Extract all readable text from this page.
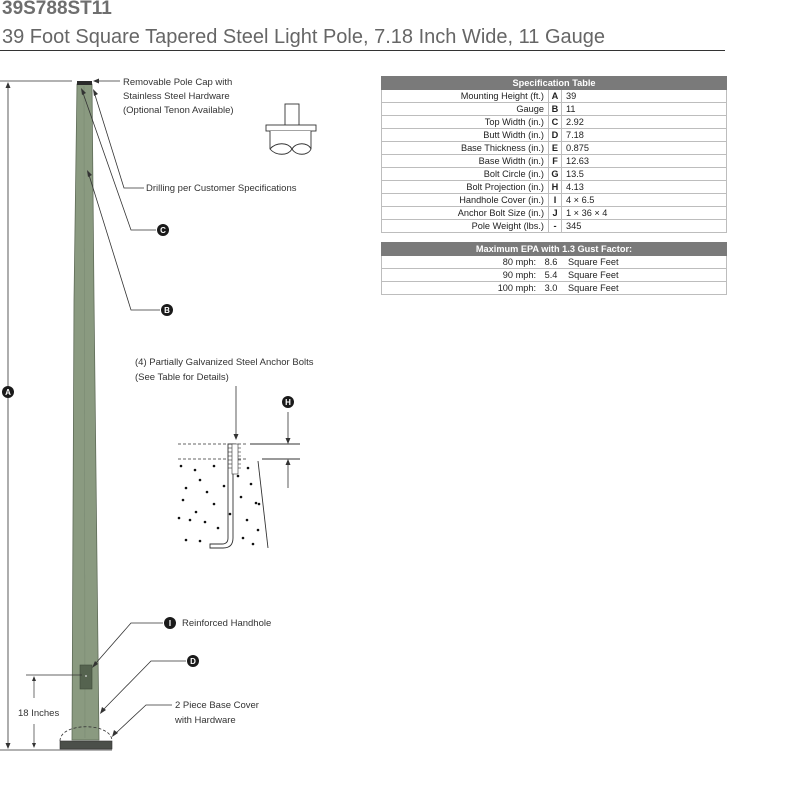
39S788ST11
39 Foot Square Tapered Steel Light Pole, 7.18 Inch Wide, 11 Gauge
18 Inches
Removable Pole Cap with
Stainless Steel Hardware
(Optional Tenon Available)
Drilling per Customer Specifications
C
B
A
(4) Partially Galvanized Steel Anchor Bolts
(See Table for Details)
H
I Reinforced Handhole
D
2 Piece Base Cover
with Hardware
Specification Table		
Mounting Height (ft.)	A	39
Gauge	B	11
Top Width (in.)	C	2.92
Butt Width (in.)	D	7.18
Base Thickness (in.)	E	0.875
Base Width (in.)	F	12.63
Bolt Circle (in.)	G	13.5
Bolt Projection (in.)	H	4.13
Handhole Cover (in.)	I	4 × 6.5
Anchor Bolt Size (in.)	J	1 × 36 × 4
Pole Weight (lbs.)	-	345
Maximum EPA with 1.3 Gust Factor:		
80 mph:	8.6	Square Feet
90 mph:	5.4	Square Feet
100 mph:	3.0	Square Feet
